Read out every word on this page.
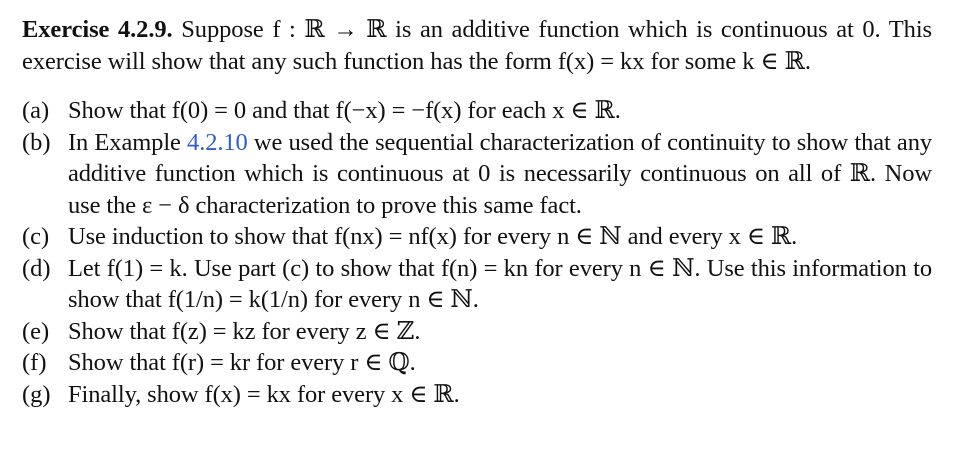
Exercise 4.2.9. Suppose f : ℝ → ℝ is an additive function which is continuous at 0. This exercise will show that any such function has the form f(x) = kx for some k ∈ ℝ.

(a) Show that f(0) = 0 and that f(−x) = −f(x) for each x ∈ ℝ.
(b) In Example 4.2.10 we used the sequential characterization of continuity to show that any additive function which is continuous at 0 is necessarily continuous on all of ℝ. Now use the ε − δ characterization to prove this same fact.
(c) Use induction to show that f(nx) = nf(x) for every n ∈ ℕ and every x ∈ ℝ.
(d) Let f(1) = k. Use part (c) to show that f(n) = kn for every n ∈ ℕ. Use this information to show that f(1/n) = k(1/n) for every n ∈ ℕ.
(e) Show that f(z) = kz for every z ∈ ℤ.
(f) Show that f(r) = kr for every r ∈ ℚ.
(g) Finally, show f(x) = kx for every x ∈ ℝ.
